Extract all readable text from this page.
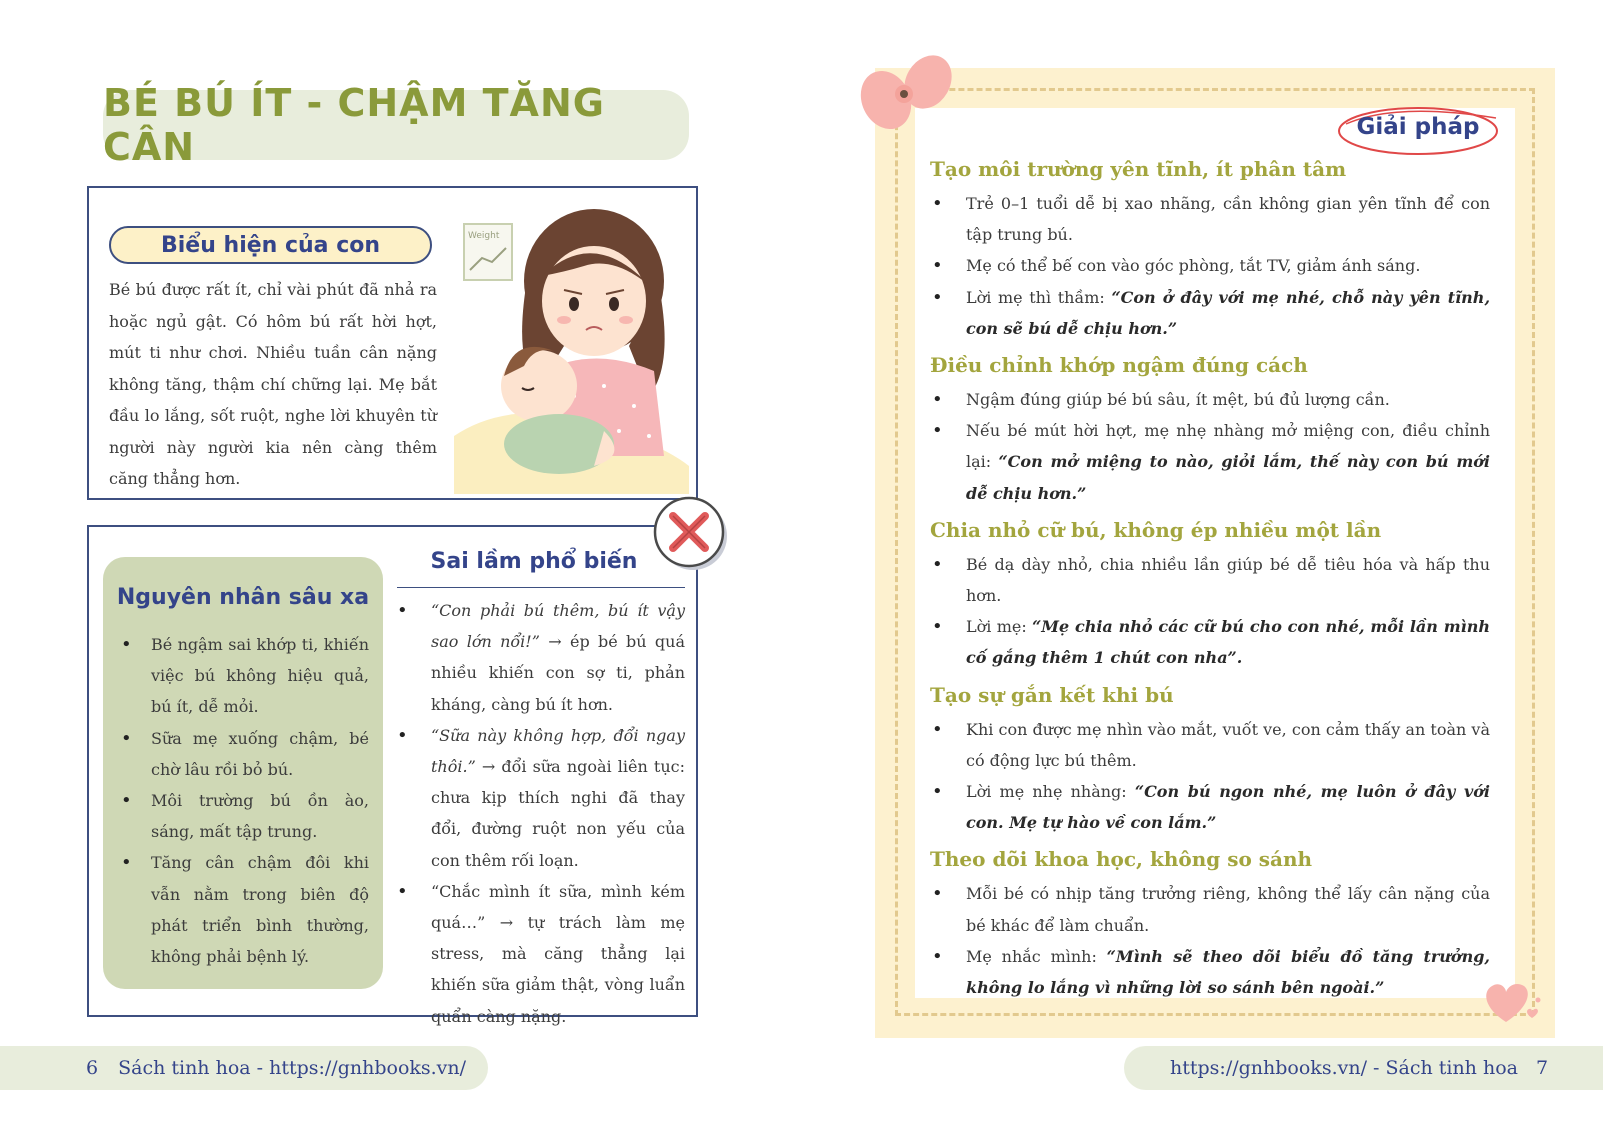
BÉ BÚ ÍT - CHẬM TĂNG CÂN
Biểu hiện của con

Bé bú được rất ít, chỉ vài phút đã nhả ra hoặc ngủ gật. Có hôm bú rất hời hợt, mút ti như chơi. Nhiều tuần cân nặng không tăng, thậm chí chững lại. Mẹ bắt đầu lo lắng, sốt ruột, nghe lời khuyên từ người này người kia nên càng thêm căng thẳng hơn.

Weight
Nguyên nhân sâu xa
• Bé ngậm sai khớp ti, khiến việc bú không hiệu quả, bú ít, dễ mỏi.
• Sữa mẹ xuống chậm, bé chờ lâu rồi bỏ bú.
• Môi trường bú ồn ào, sáng, mất tập trung.
• Tăng cân chậm đôi khi vẫn nằm trong biên độ phát triển bình thường, không phải bệnh lý.
Sai lầm phổ biến
• “Con phải bú thêm, bú ít vậy sao lớn nổi!” → ép bé bú quá nhiều khiến con sợ ti, phản kháng, càng bú ít hơn.
• “Sữa này không hợp, đổi ngay thôi.” → đổi sữa ngoài liên tục: chưa kịp thích nghi đã thay đổi, đường ruột non yếu của con thêm rối loạn.
• “Chắc mình ít sữa, mình kém quá…” → tự trách làm mẹ stress, mà căng thẳng lại khiến sữa giảm thật, vòng luẩn quẩn càng nặng.
6 Sách tinh hoa - https://gnhbooks.vn/
Giải pháp
Tạo môi trường yên tĩnh, ít phân tâm
• Trẻ 0–1 tuổi dễ bị xao nhãng, cần không gian yên tĩnh để con tập trung bú.
• Mẹ có thể bế con vào góc phòng, tắt TV, giảm ánh sáng.
• Lời mẹ thì thầm: “Con ở đây với mẹ nhé, chỗ này yên tĩnh, con sẽ bú dễ chịu hơn.”
Điều chỉnh khớp ngậm đúng cách
• Ngậm đúng giúp bé bú sâu, ít mệt, bú đủ lượng cần.
• Nếu bé mút hời hợt, mẹ nhẹ nhàng mở miệng con, điều chỉnh lại: “Con mở miệng to nào, giỏi lắm, thế này con bú mới dễ chịu hơn.”
Chia nhỏ cữ bú, không ép nhiều một lần
• Bé dạ dày nhỏ, chia nhiều lần giúp bé dễ tiêu hóa và hấp thu hơn.
• Lời mẹ: “Mẹ chia nhỏ các cữ bú cho con nhé, mỗi lần mình cố gắng thêm 1 chút con nha”.
Tạo sự gắn kết khi bú
• Khi con được mẹ nhìn vào mắt, vuốt ve, con cảm thấy an toàn và có động lực bú thêm.
• Lời mẹ nhẹ nhàng: “Con bú ngon nhé, mẹ luôn ở đây với con. Mẹ tự hào về con lắm.”
Theo dõi khoa học, không so sánh
• Mỗi bé có nhịp tăng trưởng riêng, không thể lấy cân nặng của bé khác để làm chuẩn.
• Mẹ nhắc mình: “Mình sẽ theo dõi biểu đồ tăng trưởng, không lo lắng vì những lời so sánh bên ngoài.”
https://gnhbooks.vn/ - Sách tinh hoa 7
